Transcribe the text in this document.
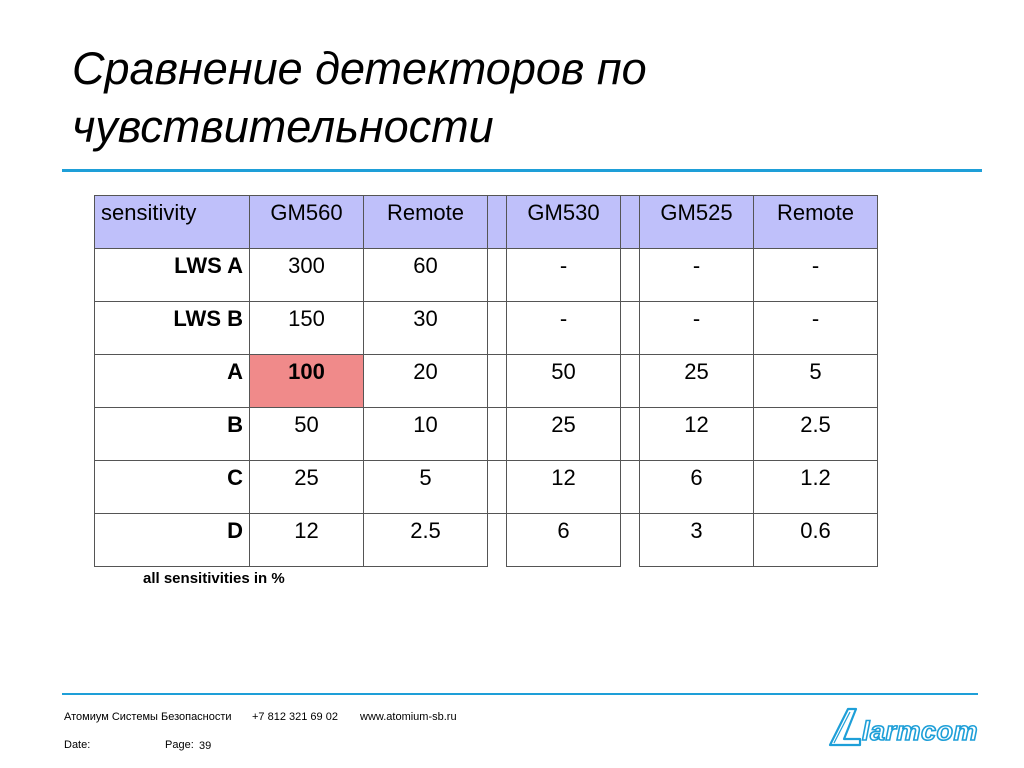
Сравнение детекторов по чувствительности
sensitivity	GM560	Remote		GM530		GM525	Remote

LWS A	300	60		-		-	-

LWS B	150	30		-		-	-

A	100	20		50		25	5

B	50	10		25		12	2.5

C	25	5		12		6	1.2

D	12	2.5		6		3	0.6
all sensitivities in %
Атомиум Системы Безопасности +7 812 321 69 02 www.atomium-sb.ru
Date:	Page: 39	larmcom
